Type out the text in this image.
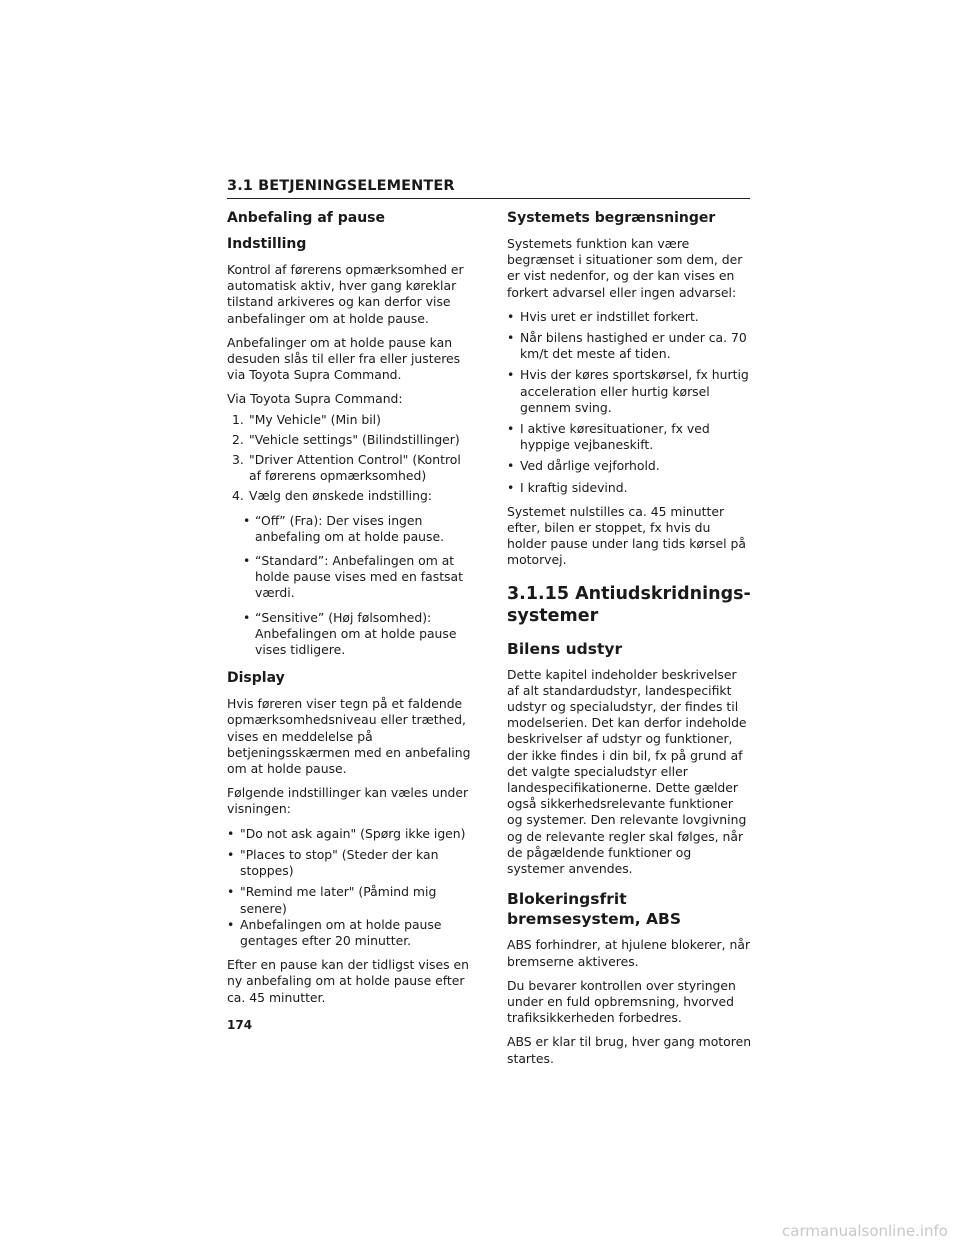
3.1 BETJENINGSELEMENTER
Anbefaling af pause
Indstilling

Kontrol af førerens opmærksomhed er automatisk aktiv, hver gang køreklar tilstand arkiveres og kan derfor vise anbefalinger om at holde pause.

Anbefalinger om at holde pause kan desuden slås til eller fra eller justeres via Toyota Supra Command.

Via Toyota Supra Command:

1. "My Vehicle" (Min bil)
2. "Vehicle settings" (Bilindstillinger)
3. "Driver Attention Control" (Kontrol af førerens opmærksomhed)
4. Vælg den ønskede indstilling:
• “Off” (Fra): Der vises ingen anbefaling om at holde pause.
• “Standard”: Anbefalingen om at holde pause vises med en fastsat værdi.
• “Sensitive” (Høj følsomhed): Anbefalingen om at holde pause vises tidligere.
Display

Hvis føreren viser tegn på et faldende opmærksomhedsniveau eller træthed, vises en meddelelse på betjeningsskærmen med en anbefaling om at holde pause.

Følgende indstillinger kan væles under visningen:

• "Do not ask again" (Spørg ikke igen)
• "Places to stop" (Steder der kan stoppes)
• "Remind me later" (Påmind mig senere)
• Anbefalingen om at holde pause gentages efter 20 minutter.

Efter en pause kan der tidligst vises en ny anbefaling om at holde pause efter ca. 45 minutter.

Systemets begrænsninger

Systemets funktion kan være begrænset i situationer som dem, der er vist nedenfor, og der kan vises en forkert advarsel eller ingen advarsel:

• Hvis uret er indstillet forkert.
• Når bilens hastighed er under ca. 70 km/t det meste af tiden.
• Hvis der køres sportskørsel, fx hurtig acceleration eller hurtig kørsel gennem sving.
• I aktive køresituationer, fx ved hyppige vejbaneskift.
• Ved dårlige vejforhold.
• I kraftig sidevind.

Systemet nulstilles ca. 45 minutter efter, bilen er stoppet, fx hvis du holder pause under lang tids kørsel på motorvej.

3.1.15 Antiudskridnings-systemer
Bilens udstyr

Dette kapitel indeholder beskrivelser af alt standardudstyr, landespecifikt udstyr og specialudstyr, der findes til modelserien. Det kan derfor indeholde beskrivelser af udstyr og funktioner, der ikke findes i din bil, fx på grund af det valgte specialudstyr eller landespecifikationerne. Dette gælder også sikkerhedsrelevante funktioner og systemer. Den relevante lovgivning og de relevante regler skal følges, når de pågældende funktioner og systemer anvendes.

Blokeringsfrit bremsesystem, ABS

ABS forhindrer, at hjulene blokerer, når bremserne aktiveres.

Du bevarer kontrollen over styringen under en fuld opbremsning, hvorved trafiksikkerheden forbedres.

ABS er klar til brug, hver gang motoren startes.

174
carmanualsonline.info
